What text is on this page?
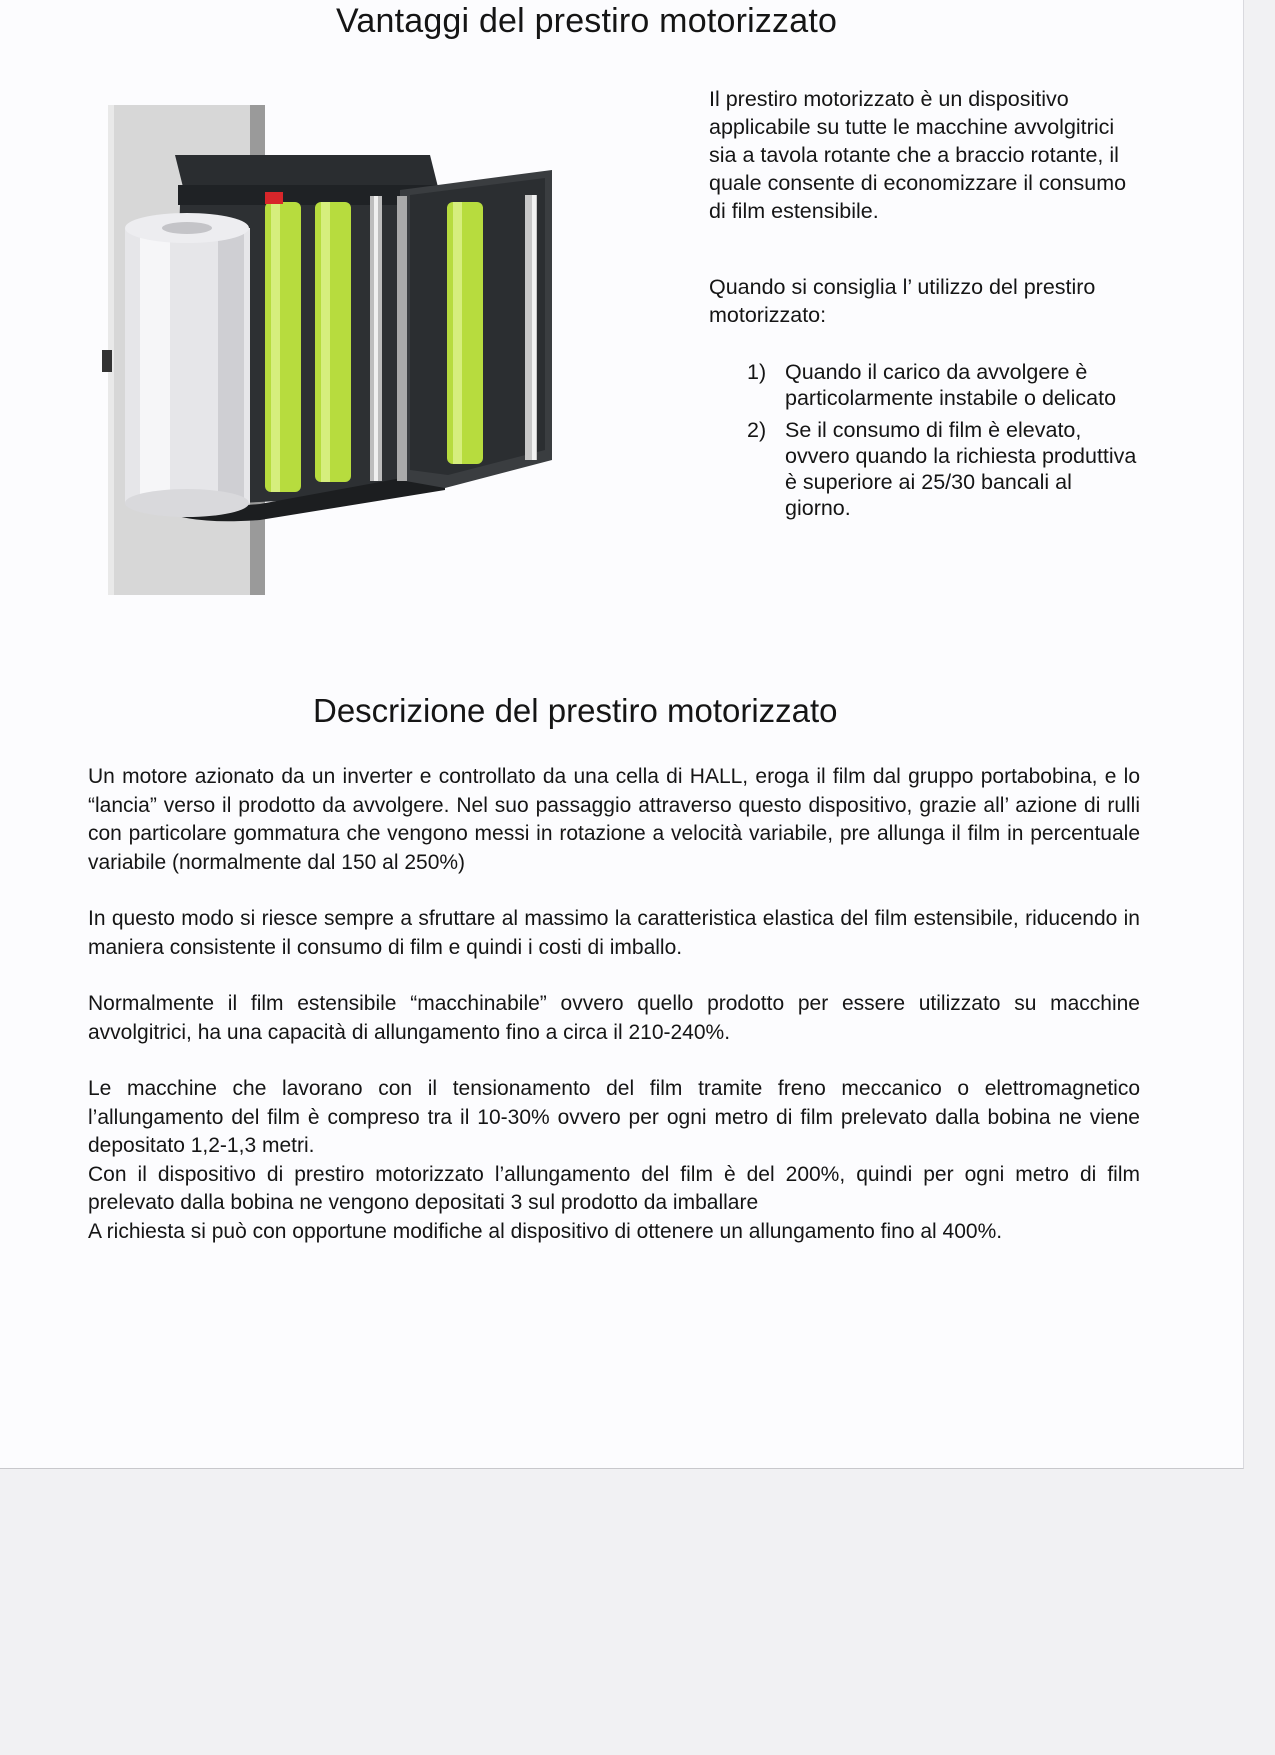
Vantaggi del prestiro motorizzato

Il prestiro motorizzato è un dispositivo applicabile su tutte le macchine avvolgitrici sia a tavola rotante che a braccio rotante, il quale consente di economizzare il consumo di film estensibile.

Quando si consiglia l’ utilizzo del prestiro motorizzato:

1) Quando il carico da avvolgere è particolarmente instabile o delicato
2) Se il consumo di film è elevato, ovvero quando la richiesta produttiva è superiore ai 25/30 bancali al giorno.
Descrizione del prestiro motorizzato

Un motore azionato da un inverter e controllato da una cella di HALL, eroga il film dal gruppo portabobina, e lo “lancia” verso il prodotto da avvolgere. Nel suo passaggio attraverso questo dispositivo, grazie all’ azione di rulli con particolare gommatura che vengono messi in rotazione a velocità variabile, pre allunga il film in percentuale variabile (normalmente dal 150 al 250%)

In questo modo si riesce sempre a sfruttare al massimo la caratteristica elastica del film estensibile, riducendo in maniera consistente il consumo di film e quindi i costi di imballo.

Normalmente il film estensibile “macchinabile” ovvero quello prodotto per essere utilizzato su macchine avvolgitrici, ha una capacità di allungamento fino a circa il 210-240%.

Le macchine che lavorano con il tensionamento del film tramite freno meccanico o elettromagnetico l’allungamento del film è compreso tra il 10-30% ovvero per ogni metro di film prelevato dalla bobina ne viene depositato 1,2-1,3 metri.

Con il dispositivo di prestiro motorizzato l’allungamento del film è del 200%, quindi per ogni metro di film prelevato dalla bobina ne vengono depositati 3 sul prodotto da imballare

A richiesta si può con opportune modifiche al dispositivo di ottenere un allungamento fino al 400%.
